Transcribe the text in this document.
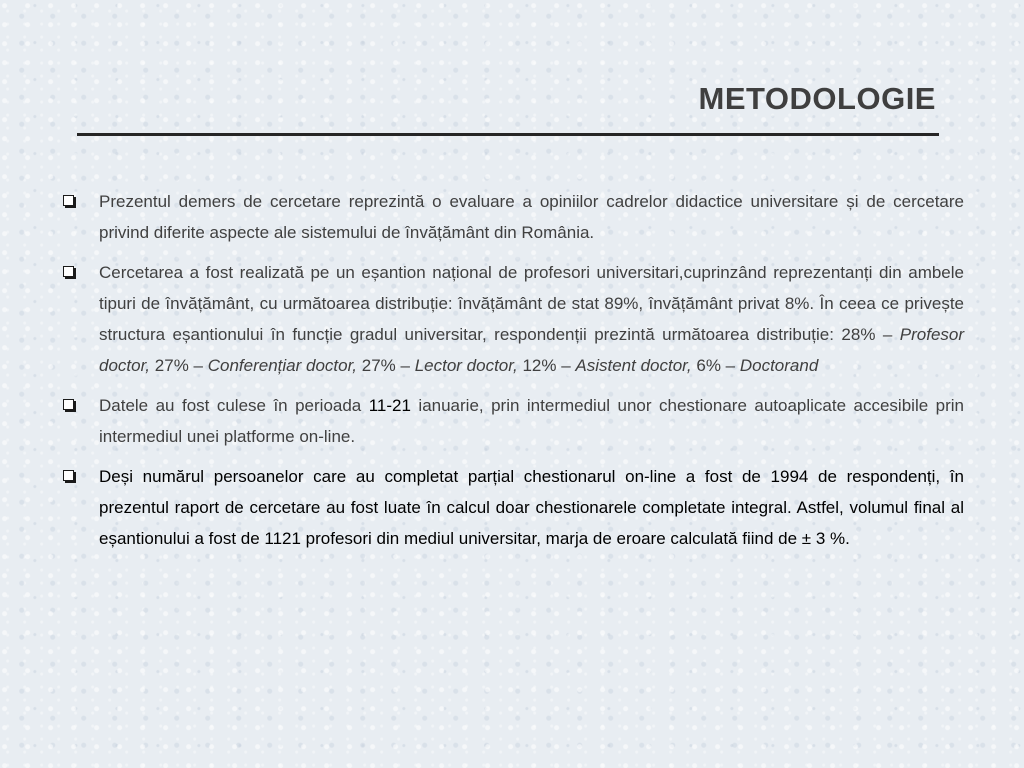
METODOLOGIE
Prezentul demers de cercetare reprezintă o evaluare a opiniilor cadrelor didactice universitare și de cercetare privind diferite aspecte ale sistemului de învățământ din România.
Cercetarea a fost realizată pe un eșantion național de profesori universitari,cuprinzând reprezentanți din ambele tipuri de învățământ, cu următoarea distribuție: învățământ de stat 89%, învățământ privat 8%. În ceea ce privește structura eșantionului în funcție gradul universitar, respondenții prezintă următoarea distribuție: 28% – Profesor doctor, 27% – Conferențiar doctor, 27% – Lector doctor, 12% – Asistent doctor, 6% – Doctorand
Datele au fost culese în perioada 11-21 ianuarie, prin intermediul unor chestionare autoaplicate accesibile prin intermediul unei platforme on-line.
Deși numărul persoanelor care au completat parțial chestionarul on-line a fost de 1994 de respondenți, în prezentul raport de cercetare au fost luate în calcul doar chestionarele completate integral. Astfel, volumul final al eșantionului a fost de 1121 profesori din mediul universitar, marja de eroare calculată fiind de ± 3 %.
